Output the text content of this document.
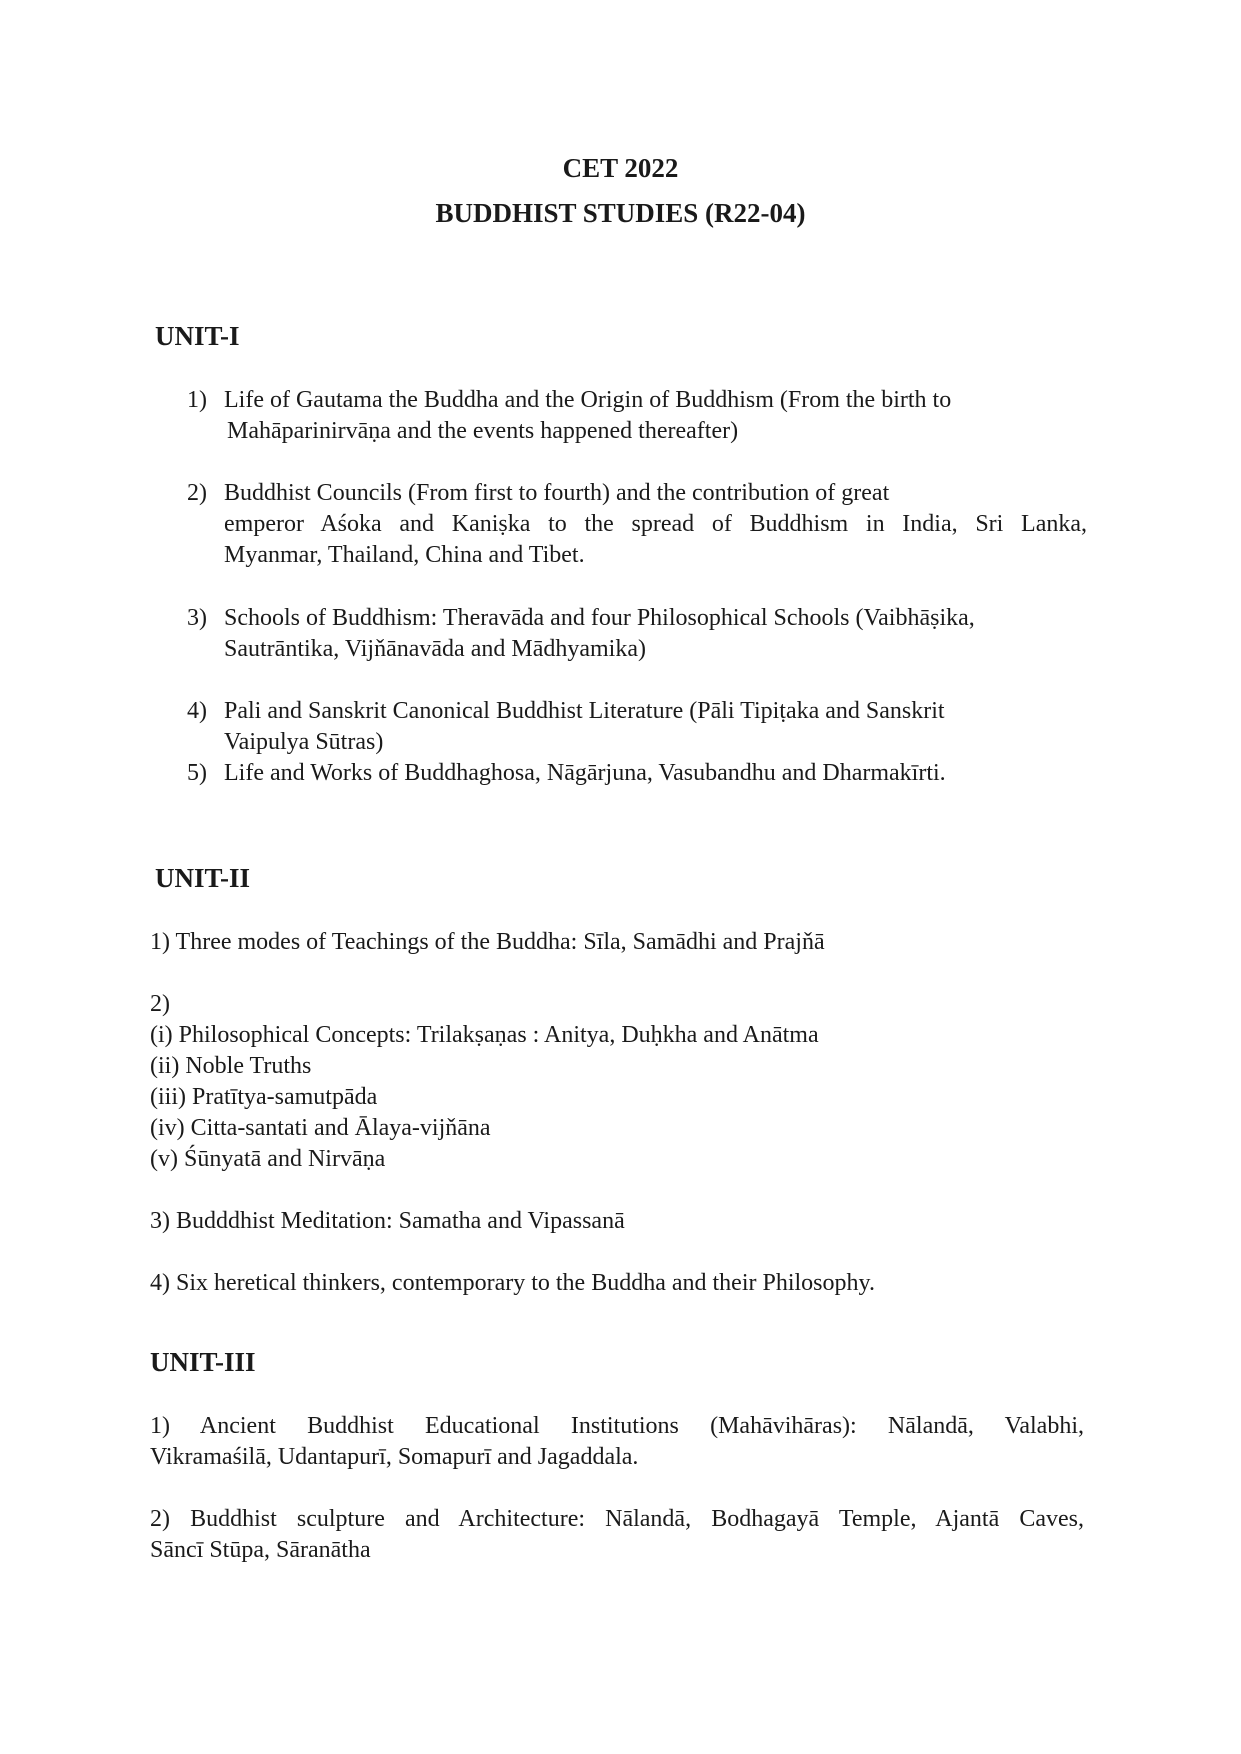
CET 2022
BUDDHIST STUDIES (R22-04)
UNIT-I
1) Life of Gautama the Buddha and the Origin of Buddhism (From the birth to
Mahāparinirvāṇa and the events happened thereafter)
2) Buddhist Councils (From first to fourth) and the contribution of great
emperor Aśoka and Kaniṣka to the spread of Buddhism in India, Sri Lanka,
Myanmar, Thailand, China and Tibet.
3) Schools of Buddhism: Theravāda and four Philosophical Schools (Vaibhāṣika,
Sautrāntika, Vijňānavāda and Mādhyamika)
4) Pali and Sanskrit Canonical Buddhist Literature (Pāli Tipiṭaka and Sanskrit
Vaipulya Sūtras)
5) Life and Works of Buddhaghosa, Nāgārjuna, Vasubandhu and Dharmakīrti.
UNIT-II
1) Three modes of Teachings of the Buddha: Sīla, Samādhi and Prajňā
2)
(i) Philosophical Concepts: Trilakṣaṇas : Anitya, Duḥkha and Anātma
(ii) Noble Truths
(iii) Pratītya-samutpāda
(iv) Citta-santati and Ālaya-vijňāna
(v) Śūnyatā and Nirvāṇa
3) Budddhist Meditation: Samatha and Vipassanā
4) Six heretical thinkers, contemporary to the Buddha and their Philosophy.
UNIT-III
1) Ancient Buddhist Educational Institutions (Mahāvihāras): Nālandā, Valabhi,
Vikramaśilā, Udantapurī, Somapurī and Jagaddala.
2) Buddhist sculpture and Architecture: Nālandā, Bodhagayā Temple, Ajantā Caves,
Sāncī Stūpa, Sāranātha
